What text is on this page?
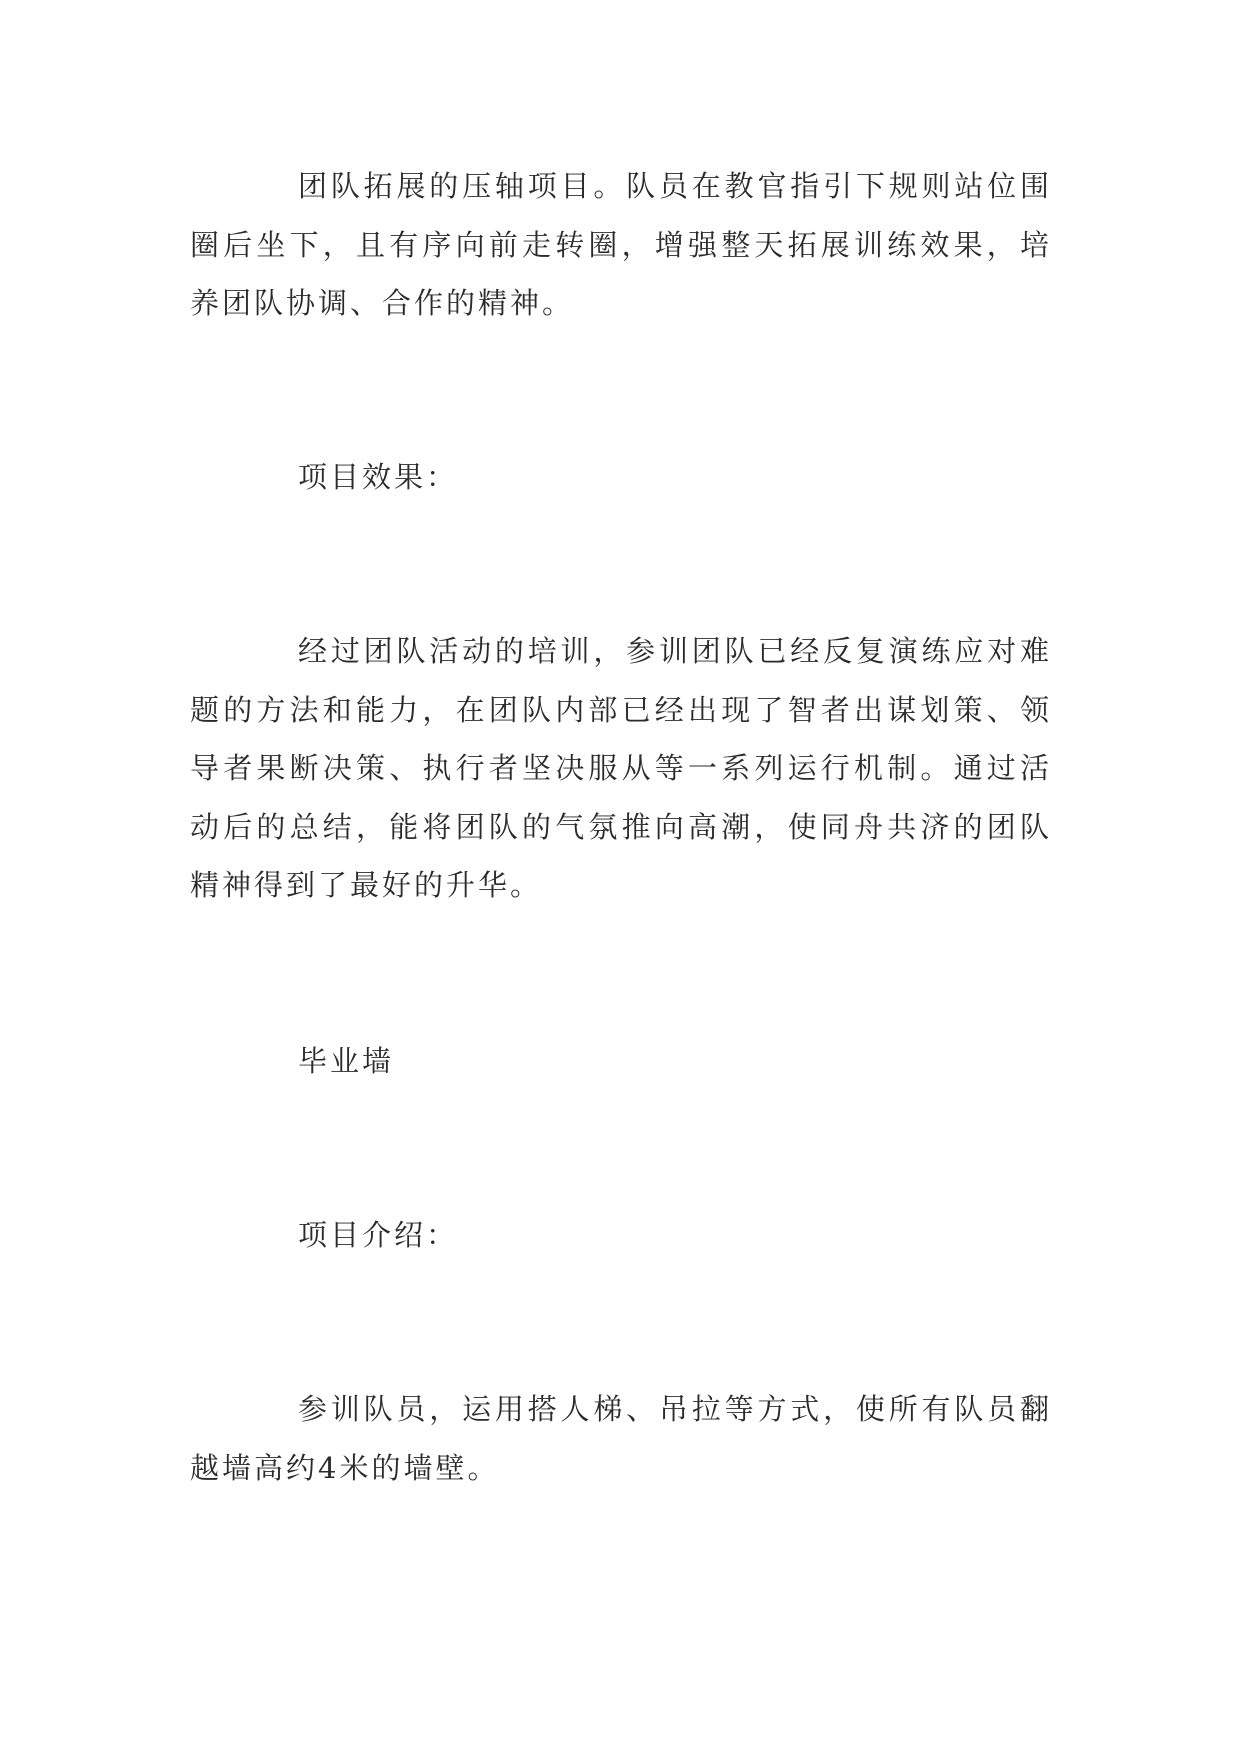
团队拓展的压轴项目。队员在教官指引下规则站位围圈后坐下，且有序向前走转圈，增强整天拓展训练效果，培养团队协调、合作的精神。

项目效果：

经过团队活动的培训，参训团队已经反复演练应对难题的方法和能力，在团队内部已经出现了智者出谋划策、领导者果断决策、执行者坚决服从等一系列运行机制。通过活动后的总结，能将团队的气氛推向高潮，使同舟共济的团队精神得到了最好的升华。

毕业墙

项目介绍：

参训队员，运用搭人梯、吊拉等方式，使所有队员翻越墙高约4米的墙壁。
